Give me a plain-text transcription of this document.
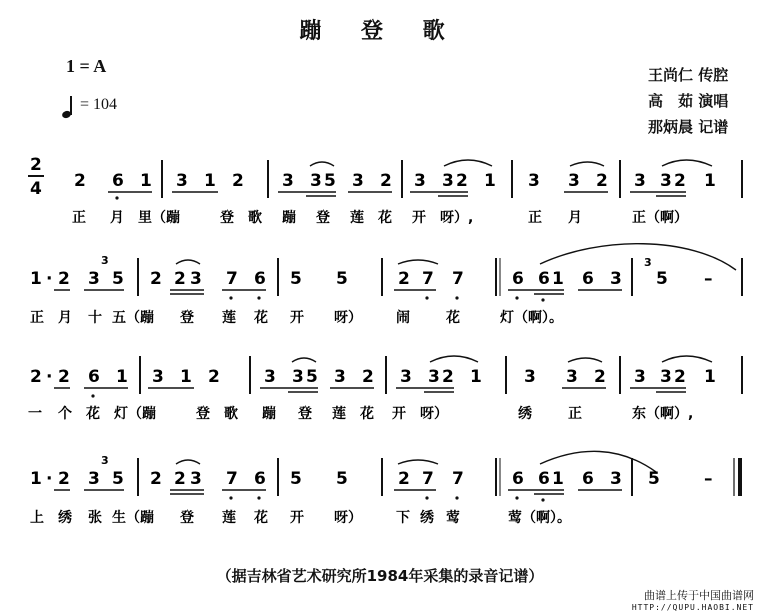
蹦 登 歌
1 = A
= 104
王尚仁 传腔
高　茹 演唱
那炳晨 记谱
2
4 2 6 1 3 1 2 3 3 5 3 2 3 3 2 1 3 3 2 3 3 2 1
正 月 里（蹦	登 歌 蹦 登 莲 花 开 呀）,	正 月	正（啊）
1 · 2 3
3
5 2 2 3 7 6 5 5	2 7 7	6 6 1 6 3
3
5 –
正 月 十 五（蹦 登 莲 花 开 呀） 闹	花	灯（啊）。
2 · 2 6 1 3 1 2	3 3 5 3 2 3 3 2 1 3 3 2 3 3 2 1
一 个 花 灯（蹦	登 歌 蹦 登 莲 花 开 呀）	绣	正	东（啊）,
1 · 2 3
3
5 2 2 3 7 6 5 5	2 7 7	6 6 1 6 3 5	–
上 绣 张 生（蹦 登 莲 花 开 呀） 下 绣 莺	莺（啊）。
（据吉林省艺术研究所1984年采集的录音记谱）
曲谱上传于中国曲谱网
HTTP://QUPU.HAOBI.NET
